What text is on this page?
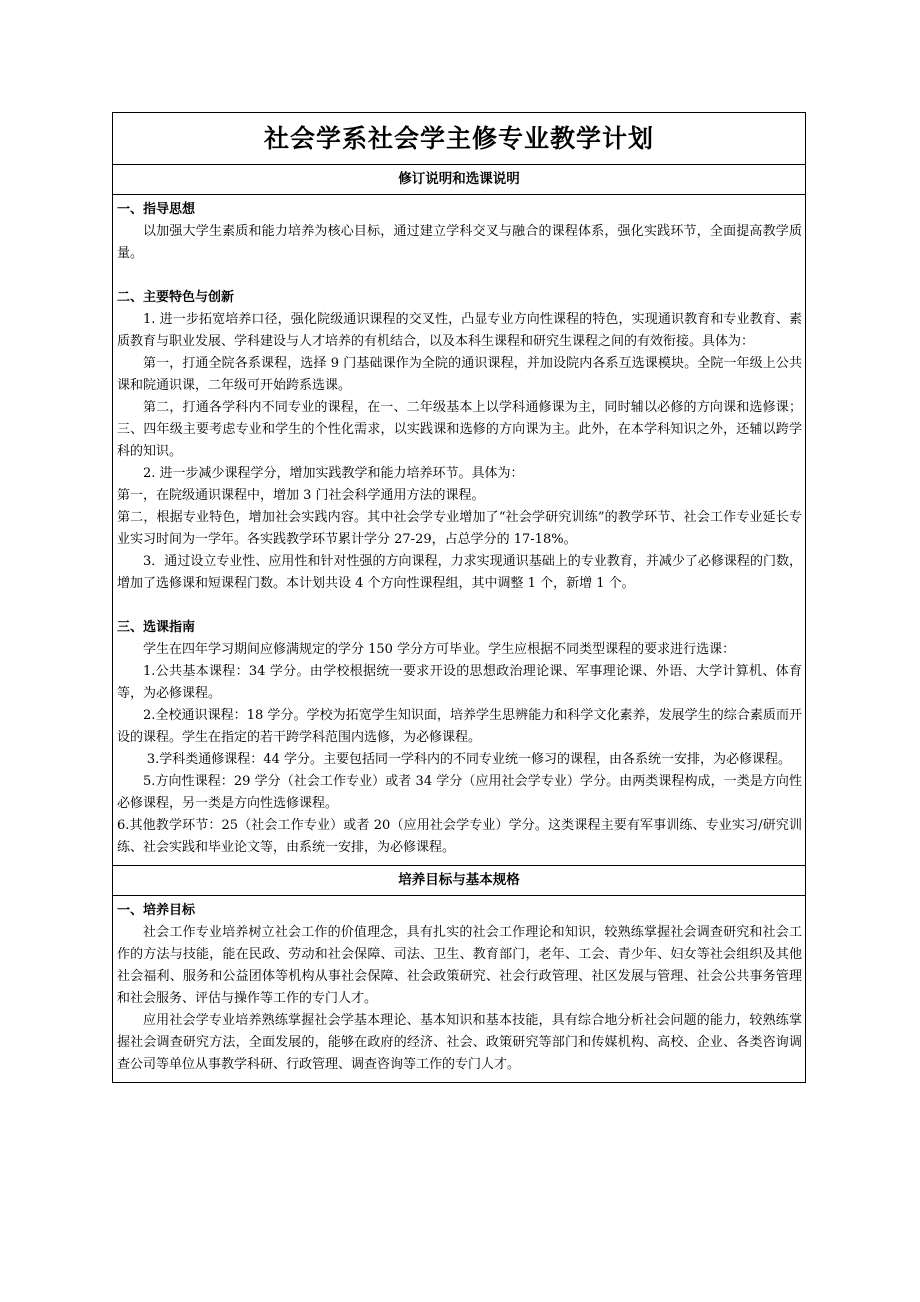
社会学系社会学主修专业教学计划
修订说明和选课说明

一、指导思想

以加强大学生素质和能力培养为核心目标，通过建立学科交叉与融合的课程体系，强化实践环节，全面提高教学质量。

二、主要特色与创新

1. 进一步拓宽培养口径，强化院级通识课程的交叉性，凸显专业方向性课程的特色，实现通识教育和专业教育、素质教育与职业发展、学科建设与人才培养的有机结合，以及本科生课程和研究生课程之间的有效衔接。具体为：

第一，打通全院各系课程，选择 9 门基础课作为全院的通识课程，并加设院内各系互选课模块。全院一年级上公共课和院通识课，二年级可开始跨系选课。

第二，打通各学科内不同专业的课程，在一、二年级基本上以学科通修课为主，同时辅以必修的方向课和选修课；三、四年级主要考虑专业和学生的个性化需求，以实践课和选修的方向课为主。此外，在本学科知识之外，还辅以跨学科的知识。

2. 进一步减少课程学分，增加实践教学和能力培养环节。具体为：

第一，在院级通识课程中，增加 3 门社会科学通用方法的课程。

第二，根据专业特色，增加社会实践内容。其中社会学专业增加了“社会学研究训练”的教学环节、社会工作专业延长专业实习时间为一学年。各实践教学环节累计学分 27-29，占总学分的 17-18%。

3．通过设立专业性、应用性和针对性强的方向课程，力求实现通识基础上的专业教育，并减少了必修课程的门数，增加了选修课和短课程门数。本计划共设 4 个方向性课程组，其中调整 1 个，新增 1 个。

三、选课指南

学生在四年学习期间应修满规定的学分 150 学分方可毕业。学生应根据不同类型课程的要求进行选课：

1.公共基本课程：34 学分。由学校根据统一要求开设的思想政治理论课、军事理论课、外语、大学计算机、体育等，为必修课程。

2.全校通识课程：18 学分。学校为拓宽学生知识面，培养学生思辨能力和科学文化素养，发展学生的综合素质而开设的课程。学生在指定的若干跨学科范围内选修，为必修课程。

3.学科类通修课程：44 学分。主要包括同一学科内的不同专业统一修习的课程，由各系统一安排，为必修课程。

5.方向性课程：29 学分（社会工作专业）或者 34 学分（应用社会学专业）学分。由两类课程构成，一类是方向性必修课程，另一类是方向性选修课程。

6.其他教学环节：25（社会工作专业）或者 20（应用社会学专业）学分。这类课程主要有军事训练、专业实习/研究训练、社会实践和毕业论文等，由系统一安排，为必修课程。

培养目标与基本规格

一、培养目标

社会工作专业培养树立社会工作的价值理念，具有扎实的社会工作理论和知识，较熟练掌握社会调查研究和社会工作的方法与技能，能在民政、劳动和社会保障、司法、卫生、教育部门，老年、工会、青少年、妇女等社会组织及其他社会福利、服务和公益团体等机构从事社会保障、社会政策研究、社会行政管理、社区发展与管理、社会公共事务管理和社会服务、评估与操作等工作的专门人才。

应用社会学专业培养熟练掌握社会学基本理论、基本知识和基本技能，具有综合地分析社会问题的能力，较熟练掌握社会调查研究方法，全面发展的，能够在政府的经济、社会、政策研究等部门和传媒机构、高校、企业、各类咨询调查公司等单位从事教学科研、行政管理、调查咨询等工作的专门人才。
